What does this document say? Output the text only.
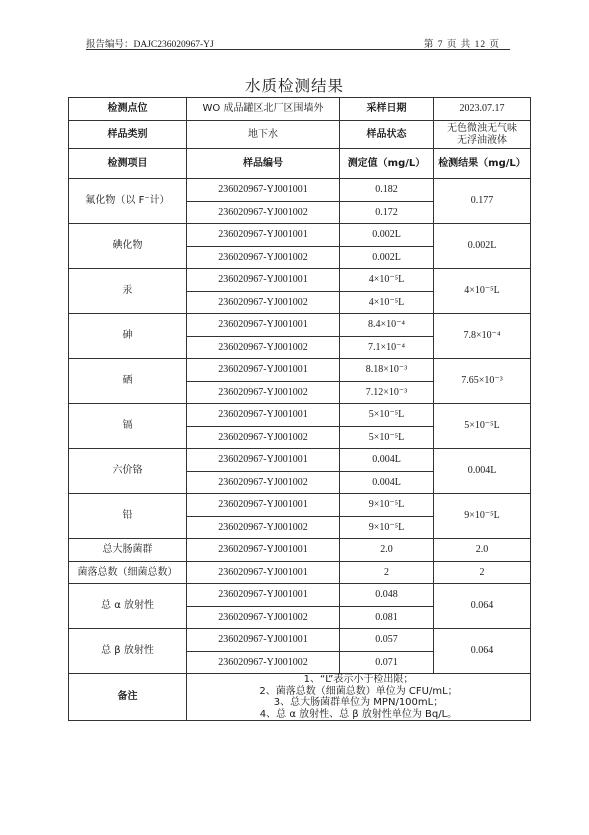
报告编号：DAJC236020967-YJ	第 7 页 共 12 页
水质检测结果
检测点位	WO 成品罐区北厂区围墙外	采样日期	2023.07.17
样品类别	地下水	样品状态	无色微浊无气味
无浮油液体

检测项目	样品编号	测定值（mg/L）	检测结果（mg/L）
氟化物（以 F⁻计）	236020967-YJ001001	0.182	0.177
	236020967-YJ001002	0.172	
碘化物	236020967-YJ001001	0.002L	0.002L
	236020967-YJ001002	0.002L	
汞	236020967-YJ001001	4×10⁻⁵L	4×10⁻⁵L
	236020967-YJ001002	4×10⁻⁵L	
砷	236020967-YJ001001	8.4×10⁻⁴	7.8×10⁻⁴
	236020967-YJ001002	7.1×10⁻⁴	
硒	236020967-YJ001001	8.18×10⁻³	7.65×10⁻³
	236020967-YJ001002	7.12×10⁻³	
镉	236020967-YJ001001	5×10⁻⁵L	5×10⁻⁵L
	236020967-YJ001002	5×10⁻⁵L	
六价铬	236020967-YJ001001	0.004L	0.004L
	236020967-YJ001002	0.004L	
铅	236020967-YJ001001	9×10⁻⁵L	9×10⁻⁵L
	236020967-YJ001002	9×10⁻⁵L	
总大肠菌群	236020967-YJ001001	2.0	2.0
菌落总数（细菌总数）	236020967-YJ001001	2	2
总 α 放射性	236020967-YJ001001	0.048	0.064
	236020967-YJ001002	0.081	
总 β 放射性	236020967-YJ001001	0.057	0.064
	236020967-YJ001002	0.071	
备注	1、“L”表示小于检出限；
2、菌落总数（细菌总数）单位为 CFU/mL；
3、总大肠菌群单位为 MPN/100mL；
4、总 α 放射性、总 β 放射性单位为 Bq/L。		
